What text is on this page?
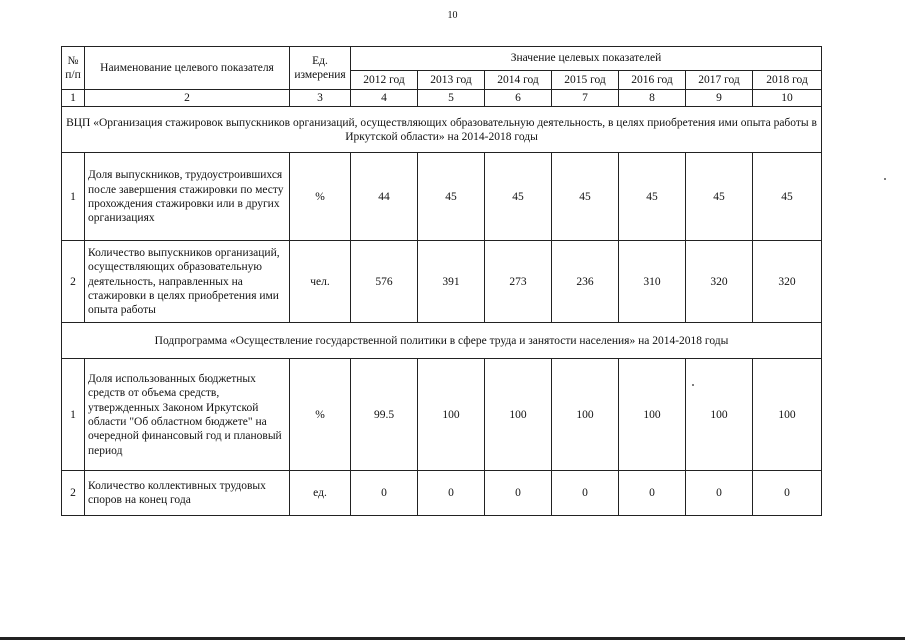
10
№ п/п	Наименование целевого показателя	Ед. измерения	Значение целевых показателей						
			2012 год	2013 год	2014 год	2015 год	2016 год	2017 год	2018 год
1	2	3	4	5	6	7	8	9	10
ВЦП «Организация стажировок выпускников организаций, осуществляющих образовательную деятельность, в целях приобретения ими опыта работы в Иркутской области» на 2014-2018 годы									
1	Доля выпускников, трудоустроившихся после завершения стажировки по месту прохождения стажировки или в других организациях	%	44	45	45	45	45	45	45
2	Количество выпускников организаций, осуществляющих образовательную деятельность, направленных на стажировки в целях приобретения ими опыта работы	чел.	576	391	273	236	310	320	320
Подпрограмма «Осуществление государственной политики в сфере труда и занятости населения» на 2014-2018 годы									
1	Доля использованных бюджетных средств от объема средств, утвержденных Законом Иркутской области "Об областном бюджете" на очередной финансовый год и плановый период	%	99.5	100	100	100	100	100	100
2	Количество коллективных трудовых споров на конец года	ед.	0	0	0	0	0	0	0
